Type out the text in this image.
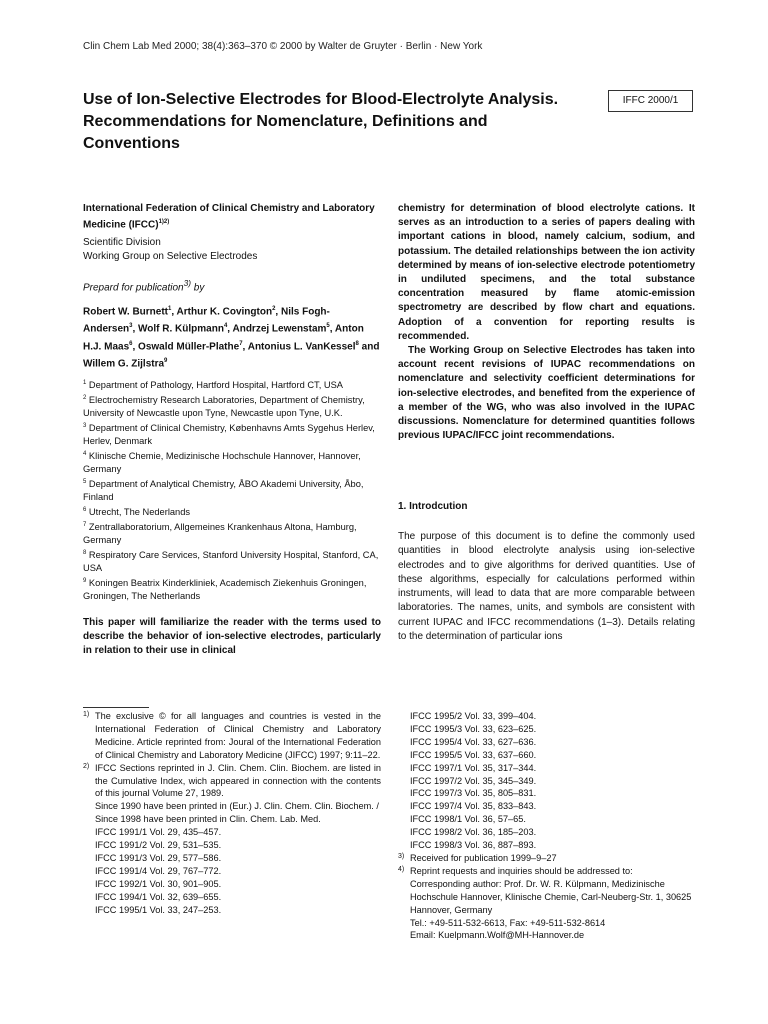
Clin Chem Lab Med 2000; 38(4):363–370 © 2000 by Walter de Gruyter · Berlin · New York
Use of Ion-Selective Electrodes for Blood-Electrolyte Analysis. Recommendations for Nomenclature, Definitions and Conventions
IFFC 2000/1

International Federation of Clinical Chemistry and Laboratory Medicine (IFCC)$^{1)2)}$

Scientific Division

Working Group on Selective Electrodes

Prepard for publication$^{3)}$ by

Robert W. Burnett$^1$, Arthur K. Covington$^2$, Nils Fogh-Andersen$^3$, Wolf R. Külpmann$^4$, Andrzej Lewenstam$^5$, Anton H.J. Maas$^6$, Oswald Müller-Plathe$^7$, Antonius L. VanKessel$^8$ and Willem G. Zijlstra$^9$

$^1$ Department of Pathology, Hartford Hospital, Hartford CT, USA

$^2$ Electrochemistry Research Laboratories, Department of Chemistry, University of Newcastle upon Tyne, Newcastle upon Tyne, U.K.

$^3$ Department of Clinical Chemistry, Københavns Amts Sygehus Herlev, Herlev, Denmark

$^4$ Klinische Chemie, Medizinische Hochschule Hannover, Hannover, Germany

$^5$ Department of Analytical Chemistry, ÅBO Akademi University, Åbo, Finland

$^6$ Utrecht, The Nederlands

$^7$ Zentrallaboratorium, Allgemeines Krankenhaus Altona, Hamburg, Germany

$^8$ Respiratory Care Services, Stanford University Hospital, Stanford, CA, USA

$^9$ Koningen Beatrix Kinderkliniek, Academisch Ziekenhuis Groningen, Groningen, The Netherlands

This paper will familiarize the reader with the terms used to describe the behavior of ion-selective electrodes, particularly in relation to their use in clinical

chemistry for determination of blood electrolyte cations. It serves as an introduction to a series of papers dealing with important cations in blood, namely calcium, sodium, and potassium. The detailed relationships between the ion activity determined by means of ion-selective electrode potentiometry in undiluted specimens, and the total substance concentration measured by flame atomic-emission spectrometry are described by flow chart and equations. Adoption of a convention for reporting results is recommended.

The Working Group on Selective Electrodes has taken into account recent revisions of IUPAC recommendations on nomenclature and selectivity coefficient determinations for ion-selective electrodes, and benefited from the experience of a member of the WG, who was also involved in the IUPAC discussions. Nomenclature for determined quantities follows previous IUPAC/IFCC joint recommendations.

1. Introdcution

The purpose of this document is to define the commonly used quantities in blood electrolyte analysis using ion-selective electrodes and to give algorithms for derived quantities. Use of these algorithms, especially for calculations performed within instruments, will lead to data that are more comparable between laboratories. The names, units, and symbols are consistent with current IUPAC and IFCC recommendations (1–3). Details relating to the determination of particular ions

1) The exclusive © for all languages and countries is vested in the International Federation of Clinical Chemistry and Laboratory Medicine. Article reprinted from: Joural of the International Federation of Clinical Chemistry and Laboratory Medicine (JIFCC) 1997; 9:11–22.

2) IFCC Sections reprinted in J. Clin. Chem. Clin. Biochem. are listed in the Cumulative Index, wich appeared in connection with the contents of this journal Volume 27, 1989.

Since 1990 have been printed in (Eur.) J. Clin. Chem. Clin. Biochem. / Since 1998 have been printed in Clin. Chem. Lab. Med.

IFCC 1991/1 Vol. 29, 435–457.

IFCC 1991/2 Vol. 29, 531–535.

IFCC 1991/3 Vol. 29, 577–586.

IFCC 1991/4 Vol. 29, 767–772.

IFCC 1992/1 Vol. 30, 901–905.

IFCC 1994/1 Vol. 32, 639–655.

IFCC 1995/1 Vol. 33, 247–253.

IFCC 1995/2 Vol. 33, 399–404.

IFCC 1995/3 Vol. 33, 623–625.

IFCC 1995/4 Vol. 33, 627–636.

IFCC 1995/5 Vol. 33, 637–660.

IFCC 1997/1 Vol. 35, 317–344.

IFCC 1997/2 Vol. 35, 345–349.

IFCC 1997/3 Vol. 35, 805–831.

IFCC 1997/4 Vol. 35, 833–843.

IFCC 1998/1 Vol. 36, 57–65.

IFCC 1998/2 Vol. 36, 185–203.

IFCC 1998/3 Vol. 36, 887–893.

3) Received for publication 1999–9–27

4) Reprint requests and inquiries should be addressed to: Corresponding author: Prof. Dr. W. R. Külpmann, Medizinische Hochschule Hannover, Klinische Chemie, Carl-Neuberg-Str. 1, 30625 Hannover, Germany

Tel.: +49-511-532-6613, Fax: +49-511-532-8614

Email: Kuelpmann.Wolf@MH-Hannover.de
